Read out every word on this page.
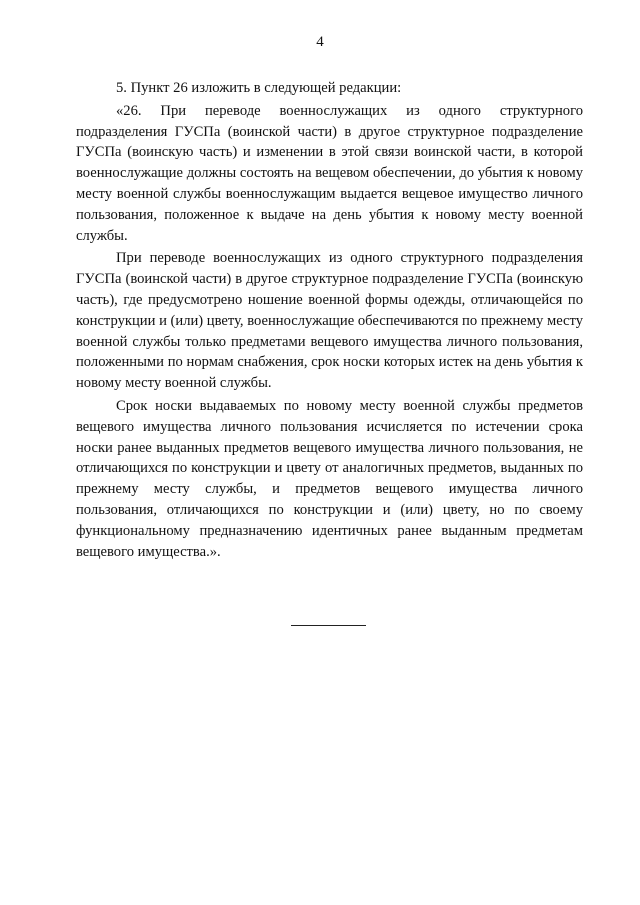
4

5. Пункт 26 изложить в следующей редакции:

«26. При переводе военнослужащих из одного структурного подразделения ГУСПа (воинской части) в другое структурное подразделение ГУСПа (воинскую часть) и изменении в этой связи воинской части, в которой военнослужащие должны состоять на вещевом обеспечении, до убытия к новому месту военной службы военнослужащим выдается вещевое имущество личного пользования, положенное к выдаче на день убытия к новому месту военной службы.

При переводе военнослужащих из одного структурного подразделения ГУСПа (воинской части) в другое структурное подразделение ГУСПа (воинскую часть), где предусмотрено ношение военной формы одежды, отличающейся по конструкции и (или) цвету, военнослужащие обеспечиваются по прежнему месту военной службы только предметами вещевого имущества личного пользования, положенными по нормам снабжения, срок носки которых истек на день убытия к новому месту военной службы.

Срок носки выдаваемых по новому месту военной службы предметов вещевого имущества личного пользования исчисляется по истечении срока носки ранее выданных предметов вещевого имущества личного пользования, не отличающихся по конструкции и цвету от аналогичных предметов, выданных по прежнему месту службы, и предметов вещевого имущества личного пользования, отличающихся по конструкции и (или) цвету, но по своему функциональному предназначению идентичных ранее выданным предметам вещевого имущества.».
